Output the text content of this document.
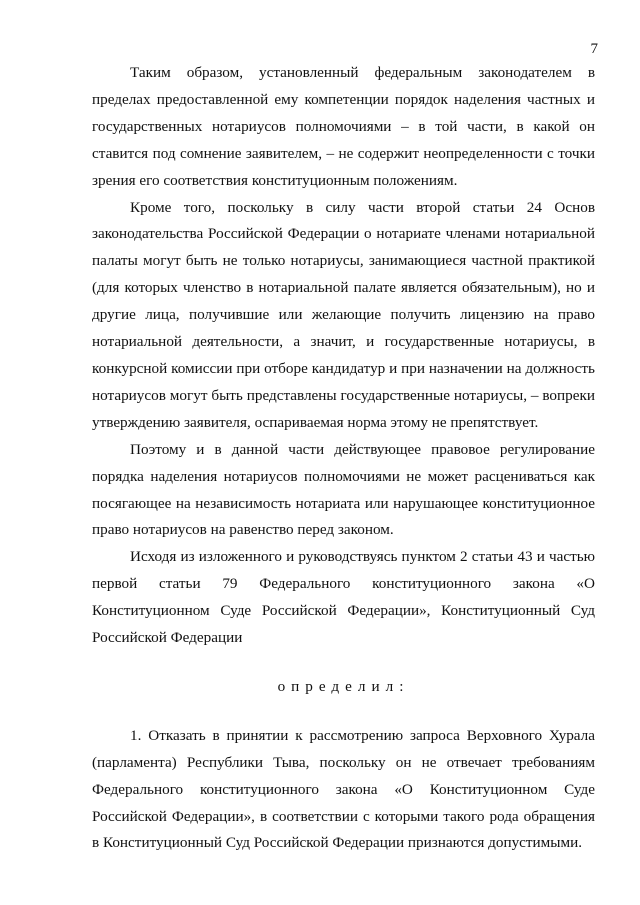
7

Таким образом, установленный федеральным законодателем в пределах предоставленной ему компетенции порядок наделения частных и государственных нотариусов полномочиями – в той части, в какой он ставится под сомнение заявителем, – не содержит неопределенности с точки зрения его соответствия конституционным положениям.

Кроме того, поскольку в силу части второй статьи 24 Основ законодательства Российской Федерации о нотариате членами нотариальной палаты могут быть не только нотариусы, занимающиеся частной практикой (для которых членство в нотариальной палате является обязательным), но и другие лица, получившие или желающие получить лицензию на право нотариальной деятельности, а значит, и государственные нотариусы, в конкурсной комиссии при отборе кандидатур и при назначении на должность нотариусов могут быть представлены государственные нотариусы, – вопреки утверждению заявителя, оспариваемая норма этому не препятствует.

Поэтому и в данной части действующее правовое регулирование порядка наделения нотариусов полномочиями не может расцениваться как посягающее на независимость нотариата или нарушающее конституционное право нотариусов на равенство перед законом.

Исходя из изложенного и руководствуясь пунктом 2 статьи 43 и частью первой статьи 79 Федерального конституционного закона «О Конституционном Суде Российской Федерации», Конституционный Суд Российской Федерации

определил:

1. Отказать в принятии к рассмотрению запроса Верховного Хурала (парламента) Республики Тыва, поскольку он не отвечает требованиям Федерального конституционного закона «О Конституционном Суде Российской Федерации», в соответствии с которыми такого рода обращения в Конституционный Суд Российской Федерации признаются допустимыми.
